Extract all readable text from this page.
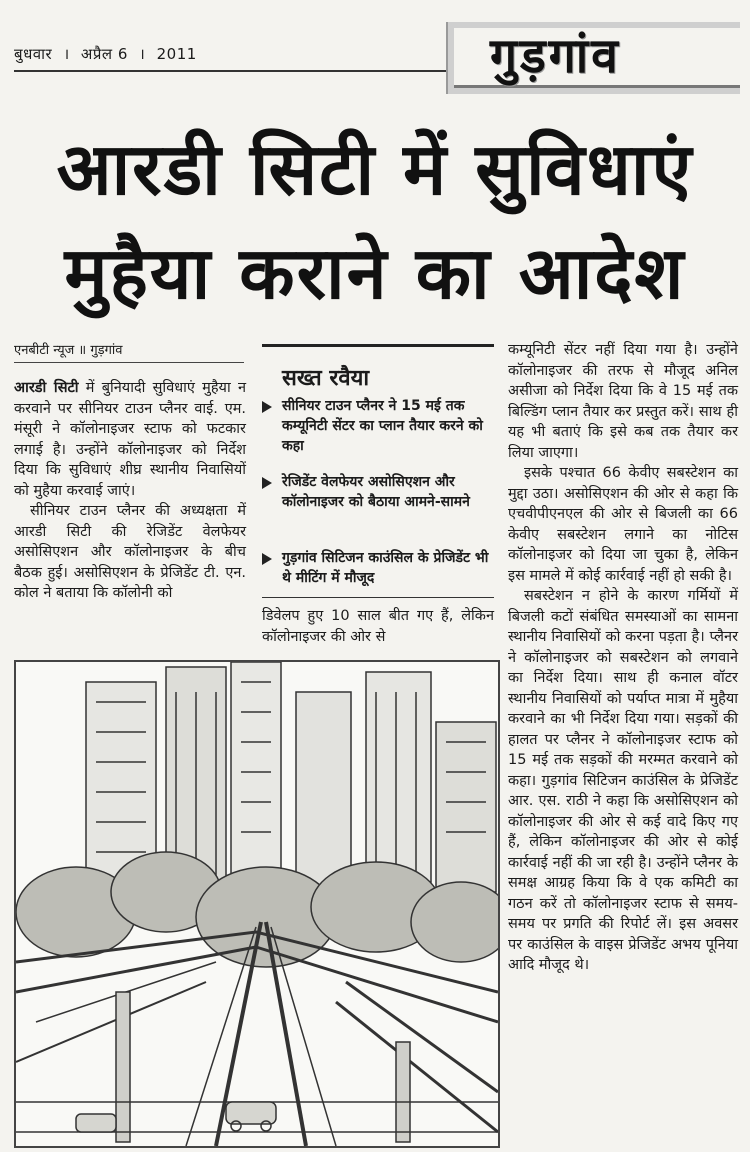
बुधवार । अप्रैल 6 । 2011	गुड़गांव
आरडी सिटी में सुविधाएं
मुहैया कराने का आदेश
एनबीटी न्यूज ॥ गुड़गांव

आरडी सिटी में बुनियादी सुविधाएं मुहैया न करवाने पर सीनियर टाउन प्लैनर वाई. एम. मंसूरी ने कॉलोनाइजर स्टाफ को फटकार लगाई है। उन्होंने कॉलोनाइजर को निर्देश दिया कि सुविधाएं शीघ्र स्थानीय निवासियों को मुहैया करवाई जाएं।

सीनियर टाउन प्लैनर की अध्यक्षता में आरडी सिटी की रेजिडेंट वेलफेयर असोसिएशन और कॉलोनाइजर के बीच बैठक हुई। असोसिएशन के प्रेजिडेंट टी. एन. कोल ने बताया कि कॉलोनी को

सख्त रवैया
सीनियर टाउन प्लैनर ने 15 मई तक कम्यूनिटी सेंटर का प्लान तैयार करने को कहा
रेजिडेंट वेलफेयर असोसिएशन और कॉलोनाइजर को बैठाया आमने-सामने
गुड़गांव सिटिजन काउंसिल के प्रेजिडेंट भी थे मीटिंग में मौजूद
डिवेलप हुए 10 साल बीत गए हैं, लेकिन कॉलोनाइजर की ओर से

कम्यूनिटी सेंटर नहीं दिया गया है। उन्होंने कॉलोनाइजर की तरफ से मौजूद अनिल असीजा को निर्देश दिया कि वे 15 मई तक बिल्डिंग प्लान तैयार कर प्रस्तुत करें। साथ ही यह भी बताएं कि इसे कब तक तैयार कर लिया जाएगा।

इसके पश्चात 66 केवीए सबस्टेशन का मुद्दा उठा। असोसिएशन की ओर से कहा कि एचवीपीएनएल की ओर से बिजली का 66 केवीए सबस्टेशन लगाने का नोटिस कॉलोनाइजर को दिया जा चुका है, लेकिन इस मामले में कोई कार्रवाई नहीं हो सकी है।

सबस्टेशन न होने के कारण गर्मियों में बिजली कटों संबंधित समस्याओं का सामना स्थानीय निवासियों को करना पड़ता है। प्लैनर ने कॉलोनाइजर को सबस्टेशन को लगवाने का निर्देश दिया। साथ ही कनाल वॉटर स्थानीय निवासियों को पर्याप्त मात्रा में मुहैया करवाने का भी निर्देश दिया गया। सड़कों की हालत पर प्लैनर ने कॉलोनाइजर स्टाफ को 15 मई तक सड़कों की मरम्मत करवाने को कहा। गुड़गांव सिटिजन काउंसिल के प्रेजिडेंट आर. एस. राठी ने कहा कि असोसिएशन को कॉलोनाइजर की ओर से कई वादे किए गए हैं, लेकिन कॉलोनाइजर की ओर से कोई कार्रवाई नहीं की जा रही है। उन्होंने प्लैनर के समक्ष आग्रह किया कि वे एक कमिटी का गठन करें तो कॉलोनाइजर स्टाफ से समय-समय पर प्रगति की रिपोर्ट लें। इस अवसर पर काउंसिल के वाइस प्रेजिडेंट अभय पूनिया आदि मौजूद थे।
